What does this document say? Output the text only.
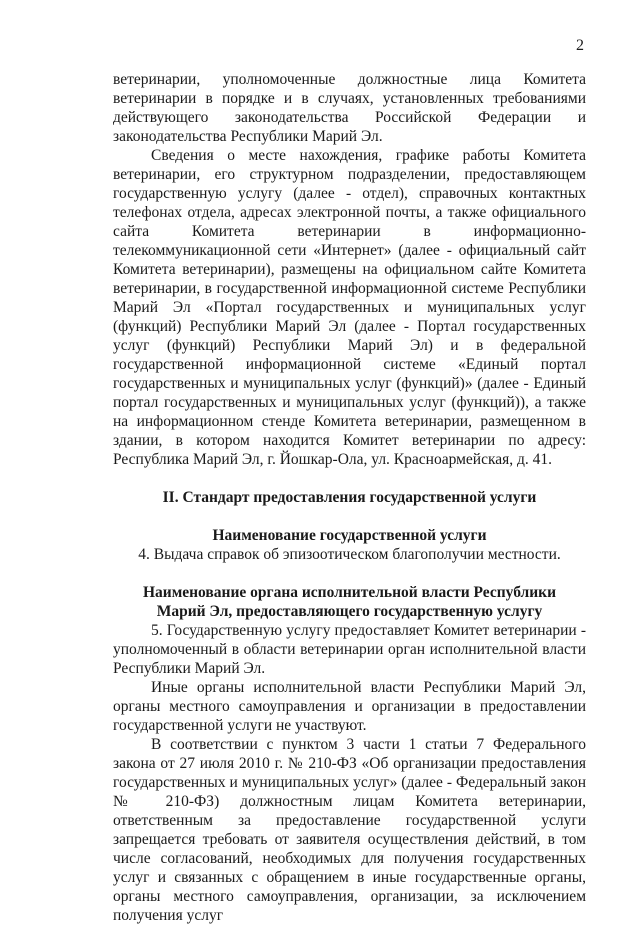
2

ветеринарии, уполномоченные должностные лица Комитета ветеринарии в порядке и в случаях, установленных требованиями действующего законодательства Российской Федерации и законодательства Республики Марий Эл.

Сведения о месте нахождения, графике работы Комитета ветеринарии, его структурном подразделении, предоставляющем государственную услугу (далее - отдел), справочных контактных телефонах отдела, адресах электронной почты, а также официального сайта Комитета ветеринарии в информационно-телекоммуникационной сети «Интернет» (далее - официальный сайт Комитета ветеринарии), размещены на официальном сайте Комитета ветеринарии, в государственной информационной системе Республики Марий Эл «Портал государственных и муниципальных услуг (функций) Республики Марий Эл (далее - Портал государственных услуг (функций) Республики Марий Эл) и в федеральной государственной информационной системе «Единый портал государственных и муниципальных услуг (функций)» (далее - Единый портал государственных и муниципальных услуг (функций)), а также на информационном стенде Комитета ветеринарии, размещенном в здании, в котором находится Комитет ветеринарии по адресу: Республика Марий Эл, г. Йошкар-Ола, ул. Красноармейская, д. 41.

II. Стандарт предоставления государственной услуги

Наименование государственной услуги

4. Выдача справок об эпизоотическом благополучии местности.

Наименование органа исполнительной власти Республики

Марий Эл, предоставляющего государственную услугу

5. Государственную услугу предоставляет Комитет ветеринарии - уполномоченный в области ветеринарии орган исполнительной власти Республики Марий Эл.

Иные органы исполнительной власти Республики Марий Эл, органы местного самоуправления и организации в предоставлении государственной услуги не участвуют.

В соответствии с пунктом 3 части 1 статьи 7 Федерального закона от 27 июля 2010 г. № 210-ФЗ «Об организации предоставления государственных и муниципальных услуг» (далее - Федеральный закон № 210-ФЗ) должностным лицам Комитета ветеринарии, ответственным за предоставление государственной услуги запрещается требовать от заявителя осуществления действий, в том числе согласований, необходимых для получения государственных услуг и связанных с обращением в иные государственные органы, органы местного самоуправления, организации, за исключением получения услуг
